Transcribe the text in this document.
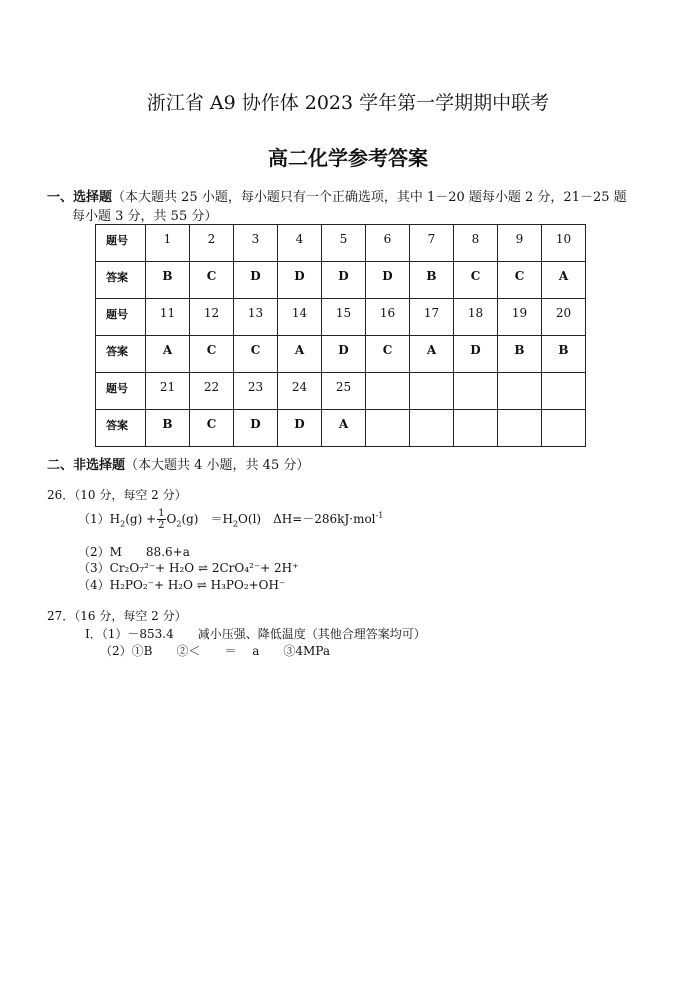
浙江省 A9 协作体 2023 学年第一学期期中联考
高二化学参考答案
一、选择题（本大题共 25 小题，每小题只有一个正确选项，其中 1－20 题每小题 2 分，21－25 题
每小题 3 分，共 55 分）
题号	1	2	3	4	5	6	7	8	9	10
答案	B	C	D	D	D	D	B	C	C	A
题号	11	12	13	14	15	16	17	18	19	20
答案	A	C	C	A	D	C	A	D	B	B
题号	21	22	23	24	25					
答案	B	C	D	D	A					
二、非选择题（本大题共 4 小题，共 45 分）
26．（10 分，每空 2 分）
$(1)H_2(g) + \frac{1}{2} O_2(g)$　$=H_2O(l)$　ΔH=－286kJ·mol$^{-1}$
（2）M　　88.6+a
（3）Cr₂O₇²⁻+ H₂O ⇌ 2CrO₄²⁻+ 2H⁺
（4）H₂PO₂⁻+ H₂O ⇌ H₃PO₂+OH⁻
27．（16 分，每空 2 分）
Ⅰ．（1）－853.4　　减小压强、降低温度（其他合理答案均可）
（2）①B　　②＜　　＝　 a　　③4MPa
